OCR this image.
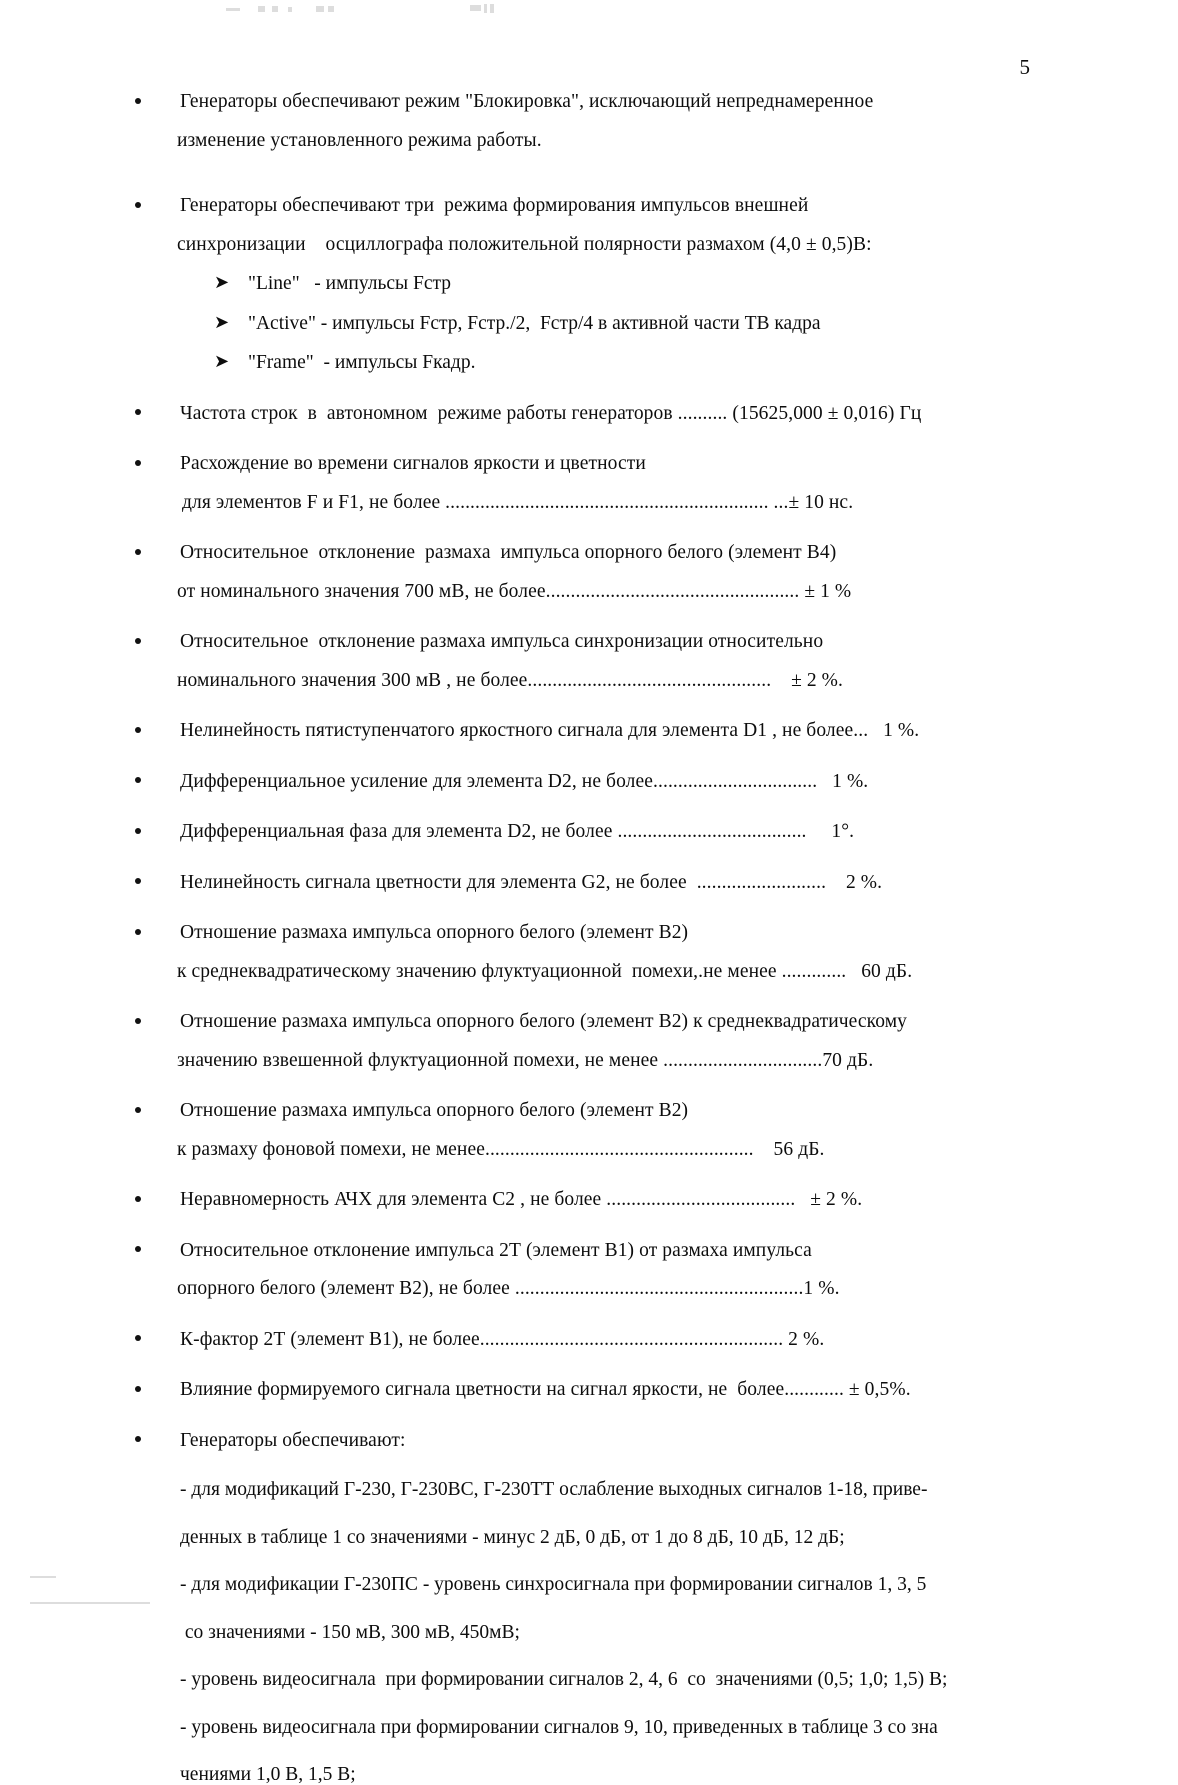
5
Генераторы обеспечивают режим "Блокировка", исключающий непреднамеренное
изменение установленного режима работы.
Генераторы обеспечивают три  режима формирования импульсов внешней
синхронизации    осциллографа положительной полярности размахом (4,0 ± 0,5)В:
➤ "Line"   - импульсы Fстр
➤ "Active" - импульсы Fстр, Fстр./2,  Fстр/4 в активной части ТВ кадра
➤ "Frame"  - импульсы Fкадр.
Частота строк  в  автономном  режиме работы генераторов .......... (15625,000 ± 0,016) Гц
Расхождение во времени сигналов яркости и цветности
для элементов F и F1, не более ................................................................. ...± 10 нс.
Относительное  отклонение  размаха  импульса опорного белого (элемент В4)
от номинального значения 700 мВ, не более................................................... ± 1 %
Относительное  отклонение размаха импульса синхронизации относительно
номинального значения 300 мВ , не более.................................................    ± 2 %.
Нелинейность пятиступенчатого яркостного сигнала для элемента D1 , не более...   1 %.
Дифференциальное усиление для элемента D2, не более.................................   1 %.
Дифференциальная фаза для элемента D2, не более ......................................     1°.
Нелинейность сигнала цветности для элемента G2, не более  ..........................    2 %.
Отношение размаха импульса опорного белого (элемент В2)
к среднеквадратическому значению флуктуационной  помехи,.не менее .............   60 дБ.
Отношение размаха импульса опорного белого (элемент В2) к среднеквадратическому
значению взвешенной флуктуационной помехи, не менее ................................70 дБ.
Отношение размаха импульса опорного белого (элемент В2)
к размаху фоновой помехи, не менее......................................................    56 дБ.
Неравномерность АЧХ для элемента С2 , не более ......................................   ± 2 %.
Относительное отклонение импульса 2Т (элемент В1) от размаха импульса
опорного белого (элемент В2), не более ..........................................................1 %.
К-фактор 2Т (элемент В1), не более............................................................. 2 %.
Влияние формируемого сигнала цветности на сигнал яркости, не  более............ ± 0,5%.
Генераторы обеспечивают:
- для модификаций Г-230, Г-230ВС, Г-230ТТ ослабление выходных сигналов 1-18, приве-
денных в таблице 1 со значениями - минус 2 дБ, 0 дБ, от 1 до 8 дБ, 10 дБ, 12 дБ;
- для модификации Г-230ПС - уровень синхросигнала при формировании сигналов 1, 3, 5
со значениями - 150 мВ, 300 мВ, 450мВ;
- уровень видеосигнала  при формировании сигналов 2, 4, 6  со  значениями (0,5; 1,0; 1,5) В;
- уровень видеосигнала при формировании сигналов 9, 10, приведенных в таблице 3 со зна
чениями 1,0 В, 1,5 В;
